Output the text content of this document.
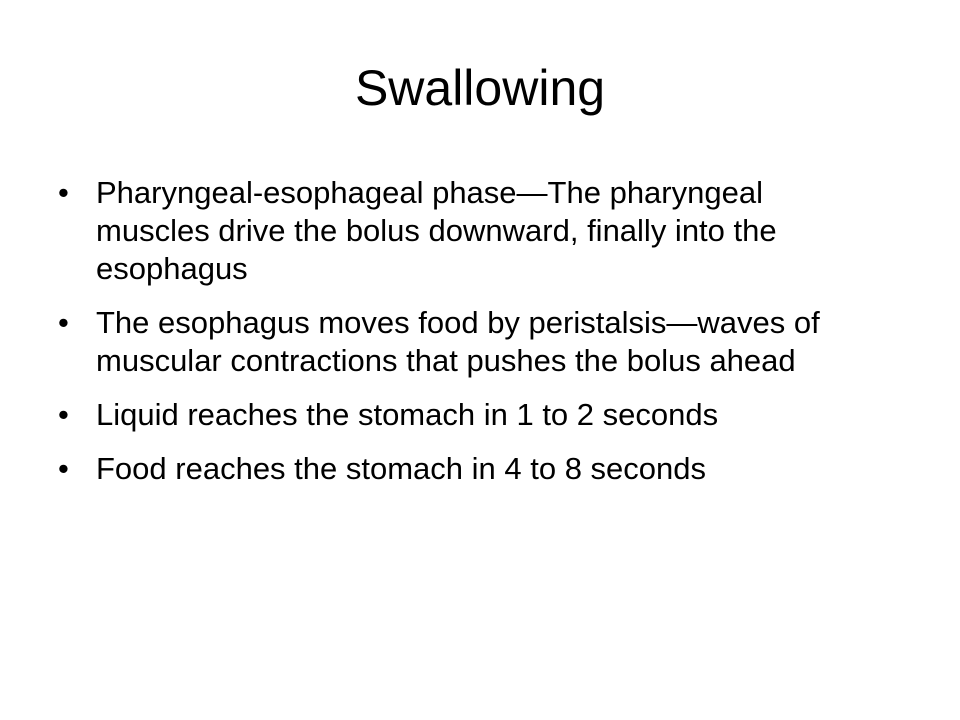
Swallowing
• Pharyngeal-esophageal phase—The pharyngeal muscles drive the bolus downward, finally into the esophagus
• The esophagus moves food by peristalsis—waves of muscular contractions that pushes the bolus ahead
• Liquid reaches the stomach in 1 to 2 seconds
• Food reaches the stomach in 4 to 8 seconds
